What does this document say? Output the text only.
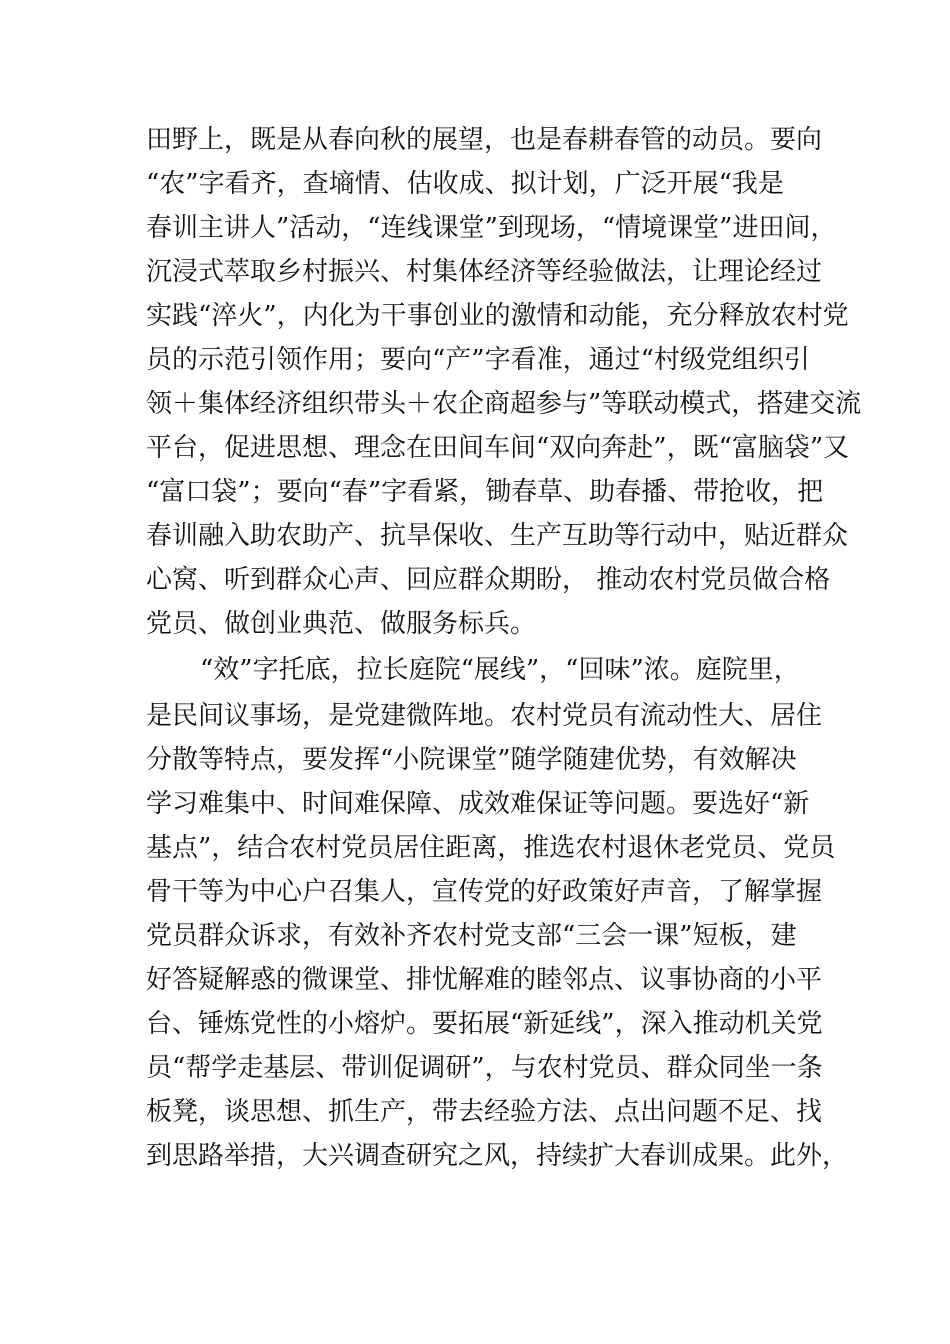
田野上，既是从春向秋的展望，也是春耕春管的动员。要向
“农”字看齐，查墒情、估收成、拟计划，广泛开展“我是
春训主讲人”活动，“连线课堂”到现场，“情境课堂”进田间，
沉浸式萃取乡村振兴、村集体经济等经验做法，让理论经过
实践“淬火”，内化为干事创业的激情和动能，充分释放农村党
员的示范引领作用；要向“产”字看准，通过“村级党组织引
领＋集体经济组织带头＋农企商超参与”等联动模式，搭建交流
平台，促进思想、理念在田间车间“双向奔赴”，既“富脑袋”又
“富口袋”；要向“春”字看紧，锄春草、助春播、带抢收，把
春训融入助农助产、抗旱保收、生产互助等行动中，贴近群众
心窝、听到群众心声、回应群众期盼， 推动农村党员做合格
党员、做创业典范、做服务标兵。
“效”字托底，拉长庭院“展线”，“回味”浓。庭院里，
是民间议事场，是党建微阵地。农村党员有流动性大、居住
分散等特点，要发挥“小院课堂”随学随建优势，有效解决
学习难集中、时间难保障、成效难保证等问题。要选好“新
基点”，结合农村党员居住距离，推选农村退休老党员、党员
骨干等为中心户召集人，宣传党的好政策好声音，了解掌握
党员群众诉求，有效补齐农村党支部“三会一课”短板，建
好答疑解惑的微课堂、排忧解难的睦邻点、议事协商的小平
台、锤炼党性的小熔炉。要拓展“新延线”，深入推动机关党
员“帮学走基层、带训促调研”，与农村党员、群众同坐一条
板凳，谈思想、抓生产，带去经验方法、点出问题不足、找
到思路举措，大兴调查研究之风，持续扩大春训成果。此外，
